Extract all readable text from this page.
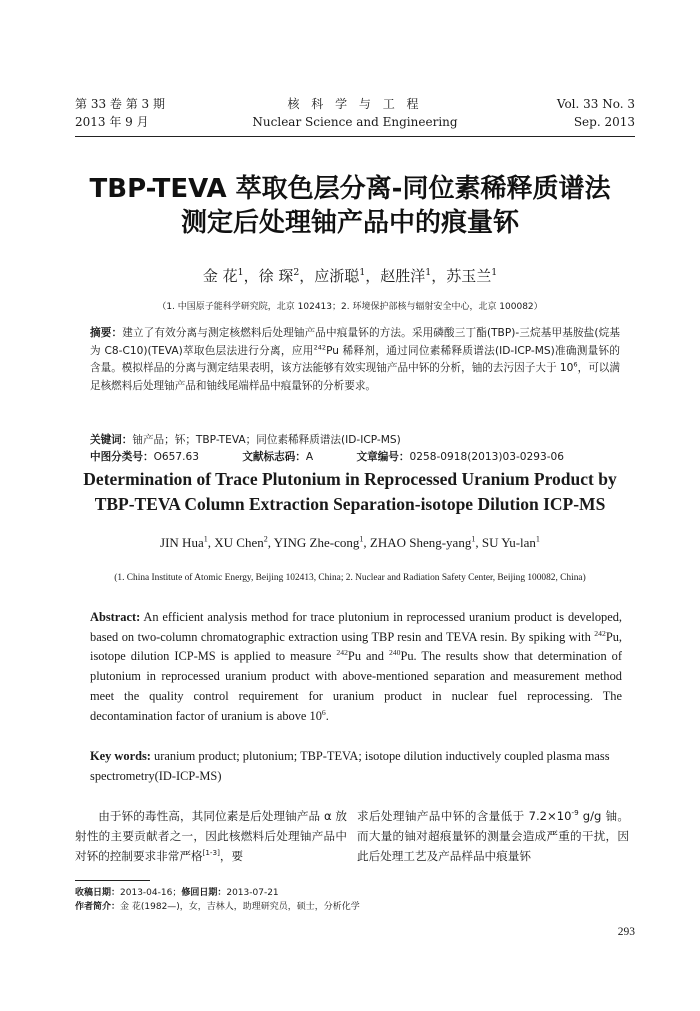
第 33 卷 第 3 期
2013 年 9 月
核 科 学 与 工 程
Nuclear Science and Engineering
Vol. 33 No. 3
Sep. 2013
TBP-TEVA 萃取色层分离-同位素稀释质谱法
测定后处理铀产品中的痕量钚
金 花$^1$，徐 琛$^2$，应浙聪$^1$，赵胜洋$^1$，苏玉兰$^1$
（1. 中国原子能科学研究院，北京 102413；2. 环境保护部核与辐射安全中心，北京 100082）
摘要：建立了有效分离与测定核燃料后处理铀产品中痕量钚的方法。采用磷酸三丁酯(TBP)-三烷基甲基胺盐(烷基为 C8-C10)(TEVA)萃取色层法进行分离，应用$^{242}$Pu 稀释剂，通过同位素稀释质谱法(ID-ICP-MS)准确测量钚的含量。模拟样品的分离与测定结果表明，该方法能够有效实现铀产品中钚的分析，铀的去污因子大于 $10^6$，可以满足核燃料后处理铀产品和铀线尾端样品中痕量钚的分析要求。
关键词：铀产品；钚；TBP-TEVA；同位素稀释质谱法(ID-ICP-MS)
中图分类号：O657.63	文献标志码：A	文章编号：0258-0918(2013)03-0293-06
Determination of Trace Plutonium in Reprocessed Uranium Product by
TBP-TEVA Column Extraction Separation-isotope Dilution ICP-MS
JIN Hua$^1$, XU Chen$^2$, YING Zhe-cong$^1$, ZHAO Sheng-yang$^1$, SU Yu-lan$^1$
(1. China Institute of Atomic Energy, Beijing 102413, China; 2. Nuclear and Radiation Safety Center, Beijing 100082, China)
Abstract: An efficient analysis method for trace plutonium in reprocessed uranium product is developed, based on two-column chromatographic extraction using TBP resin and TEVA resin. By spiking with $^{242}$Pu, isotope dilution ICP-MS is applied to measure $^{242}$Pu and $^{240}$Pu. The results show that determination of plutonium in reprocessed uranium product with above-mentioned separation and measurement method meet the quality control requirement for uranium product in nuclear fuel reprocessing. The decontamination factor of uranium is above $10^6$.
Key words: uranium product; plutonium; TBP-TEVA; isotope dilution inductively coupled plasma mass spectrometry(ID-ICP-MS)
由于钚的毒性高，其同位素是后处理铀产品 α 放射性的主要贡献者之一，因此核燃料后处理铀产品中对钚的控制要求非常严格[1-3]，要
求后处理铀产品中钚的含量低于 $7.2\times 10^{-9}$ g/g 铀。而大量的铀对超痕量钚的测量会造成严重的干扰，因此后处理工艺及产品样品中痕量钚
收稿日期：2013-04-16；修回日期：2013-07-21
作者简介：金 花(1982—)，女，吉林人，助理研究员，硕士，分析化学
293
